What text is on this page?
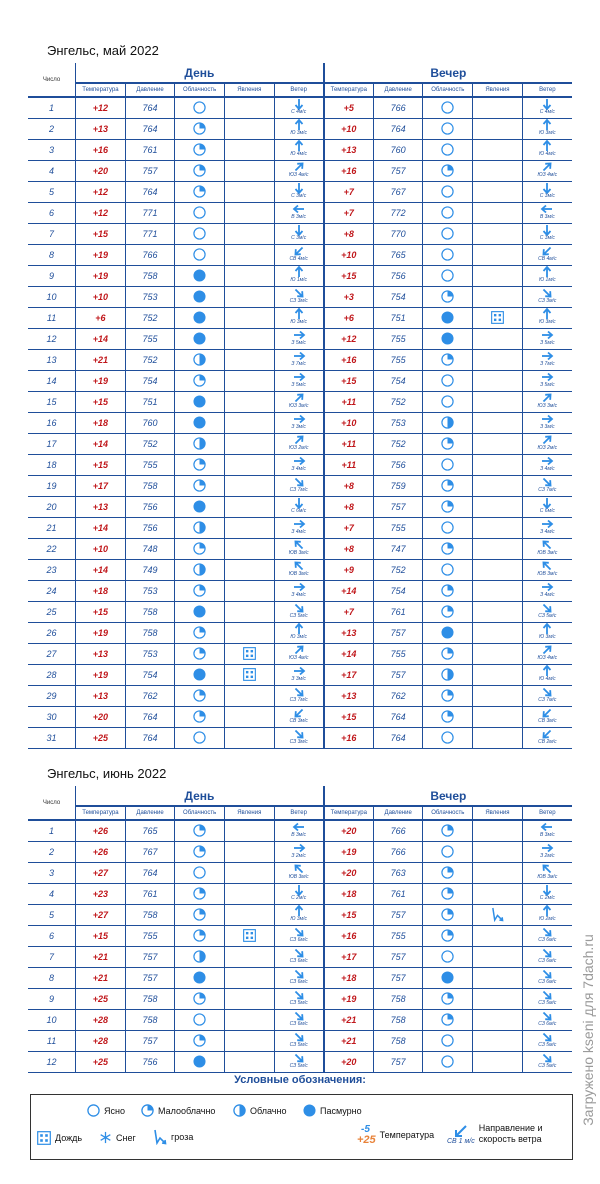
Энгельс, май 2022
Число	День					Вечер				
	Температура	Давление	Облачность	Явления	Ветер	Температура	Давление	Облачность	Явления	Ветер
1	+12	764			С 4м/с	+5	766			С 4м/с

2	+13	764			Ю 3м/с	+10	764			Ю 3м/с

3	+16	761			Ю 4м/с	+13	760			Ю 4м/с

4	+20	757			ЮЗ 4м/с	+16	757			ЮЗ 4м/с

5	+12	764			С 3м/с	+7	767			С 3м/с

6	+12	771			В 3м/с	+7	772			В 3м/с

7	+15	771			С 3м/с	+8	770			С 3м/с

8	+19	766			СВ 4м/с	+10	765			СВ 4м/с

9	+19	758			Ю 1м/с	+15	756			Ю 1м/с

10	+10	753			СЗ 3м/с	+3	754			СЗ 3м/с

11	+6	752			Ю 3м/с	+6	751			Ю 3м/с

12	+14	755			З 5м/с	+12	755			З 5м/с

13	+21	752			З 7м/с	+16	755			З 7м/с

14	+19	754			З 5м/с	+15	754			З 5м/с

15	+15	751			ЮЗ 3м/с	+11	752			ЮЗ 3м/с

16	+18	760			З 3м/с	+10	753			З 3м/с

17	+14	752			ЮЗ 2м/с	+11	752			ЮЗ 2м/с

18	+15	755			З 4м/с	+11	756			З 4м/с

19	+17	758			СЗ 7м/с	+8	759			СЗ 7м/с

20	+13	756			С 6м/с	+8	757			С 6м/с

21	+14	756			З 4м/с	+7	755			З 4м/с

22	+10	748			ЮВ 3м/с	+8	747			ЮВ 3м/с

23	+14	749			ЮВ 3м/с	+9	752			ЮВ 3м/с

24	+18	753			З 4м/с	+14	754			З 4м/с

25	+15	758			СЗ 5м/с	+7	761			СЗ 5м/с

26	+19	758			Ю 3м/с	+13	757			Ю 3м/с

27	+13	753			ЮЗ 4м/с	+14	755			ЮЗ 4м/с

28	+19	754			З 3м/с	+17	757			Ю 4м/с

29	+13	762			СЗ 7м/с	+13	762			СЗ 7м/с

30	+20	764			СВ 3м/с	+15	764			СВ 3м/с

31	+25	764			СЗ 3м/с	+16	764			СВ 2м/с
Энгельс, июнь 2022
Число	День					Вечер				
	Температура	Давление	Облачность	Явления	Ветер	Температура	Давление	Облачность	Явления	Ветер
1	+26	765			В 3м/с	+20	766			В 3м/с

2	+26	767			З 2м/с	+19	766			З 2м/с

3	+27	764			ЮВ 3м/с	+20	763			ЮВ 3м/с

4	+23	761			С 2м/с	+18	761			С 2м/с

5	+27	758			Ю 3м/с	+15	757			Ю 2м/с

6	+15	755			СЗ 6м/с	+16	755			СЗ 6м/с

7	+21	757			СЗ 6м/с	+17	757			СЗ 6м/с

8	+21	757			СЗ 6м/с	+18	757			СЗ 6м/с

9	+25	758			СЗ 5м/с	+19	758			СЗ 5м/с

10	+28	758			СЗ 6м/с	+21	758			СЗ 6м/с

11	+28	757			СЗ 5м/с	+21	758			СЗ 5м/с

12	+25	756			СЗ 5м/с	+20	757			СЗ 5м/с
Условные обозначения:
Ясно	Малооблачно	Облачно	Пасмурно
Дождь	Снег	гроза
-5
+25 Температура
СВ 1 м/с
Направление и
скорость ветра
Загружено ksenі для 7dach.ru
